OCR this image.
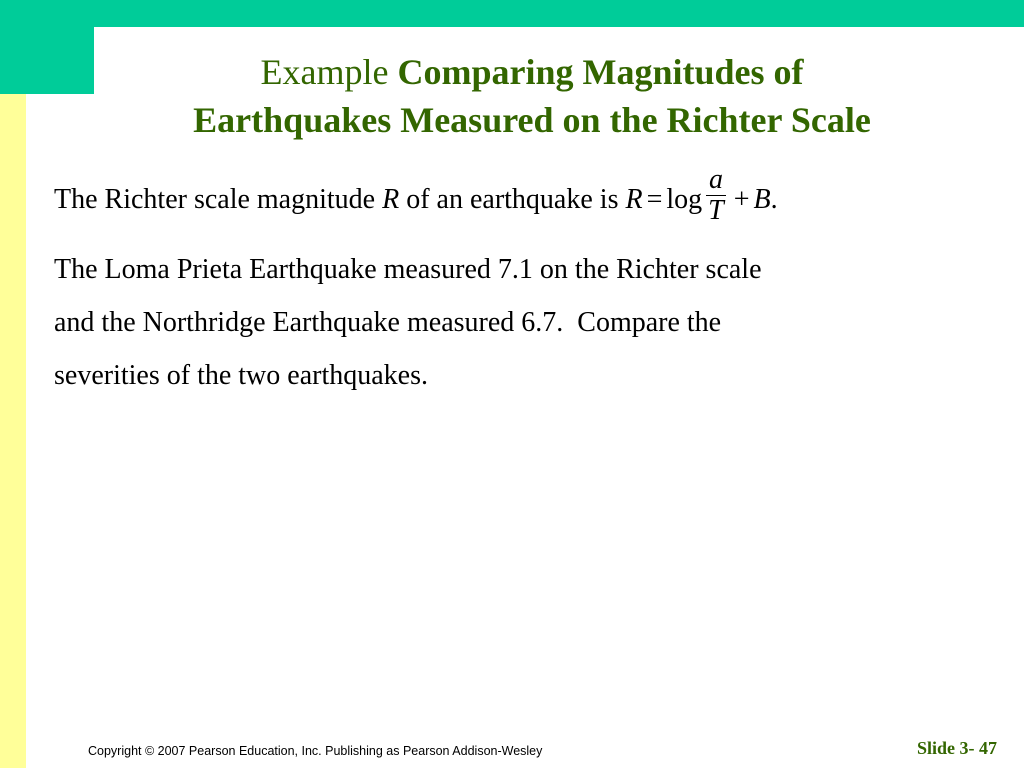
Example Comparing Magnitudes of
Earthquakes Measured on the Richter Scale
The Richter scale magnitude R of an earthquake is $R = \log \frac{a}{T} + B$.
The Loma Prieta Earthquake measured 7.1 on the Richter scale
and the Northridge Earthquake measured 6.7.  Compare the
severities of the two earthquakes.
Copyright © 2007 Pearson Education, Inc. Publishing as Pearson Addison-Wesley	Slide 3- 47
